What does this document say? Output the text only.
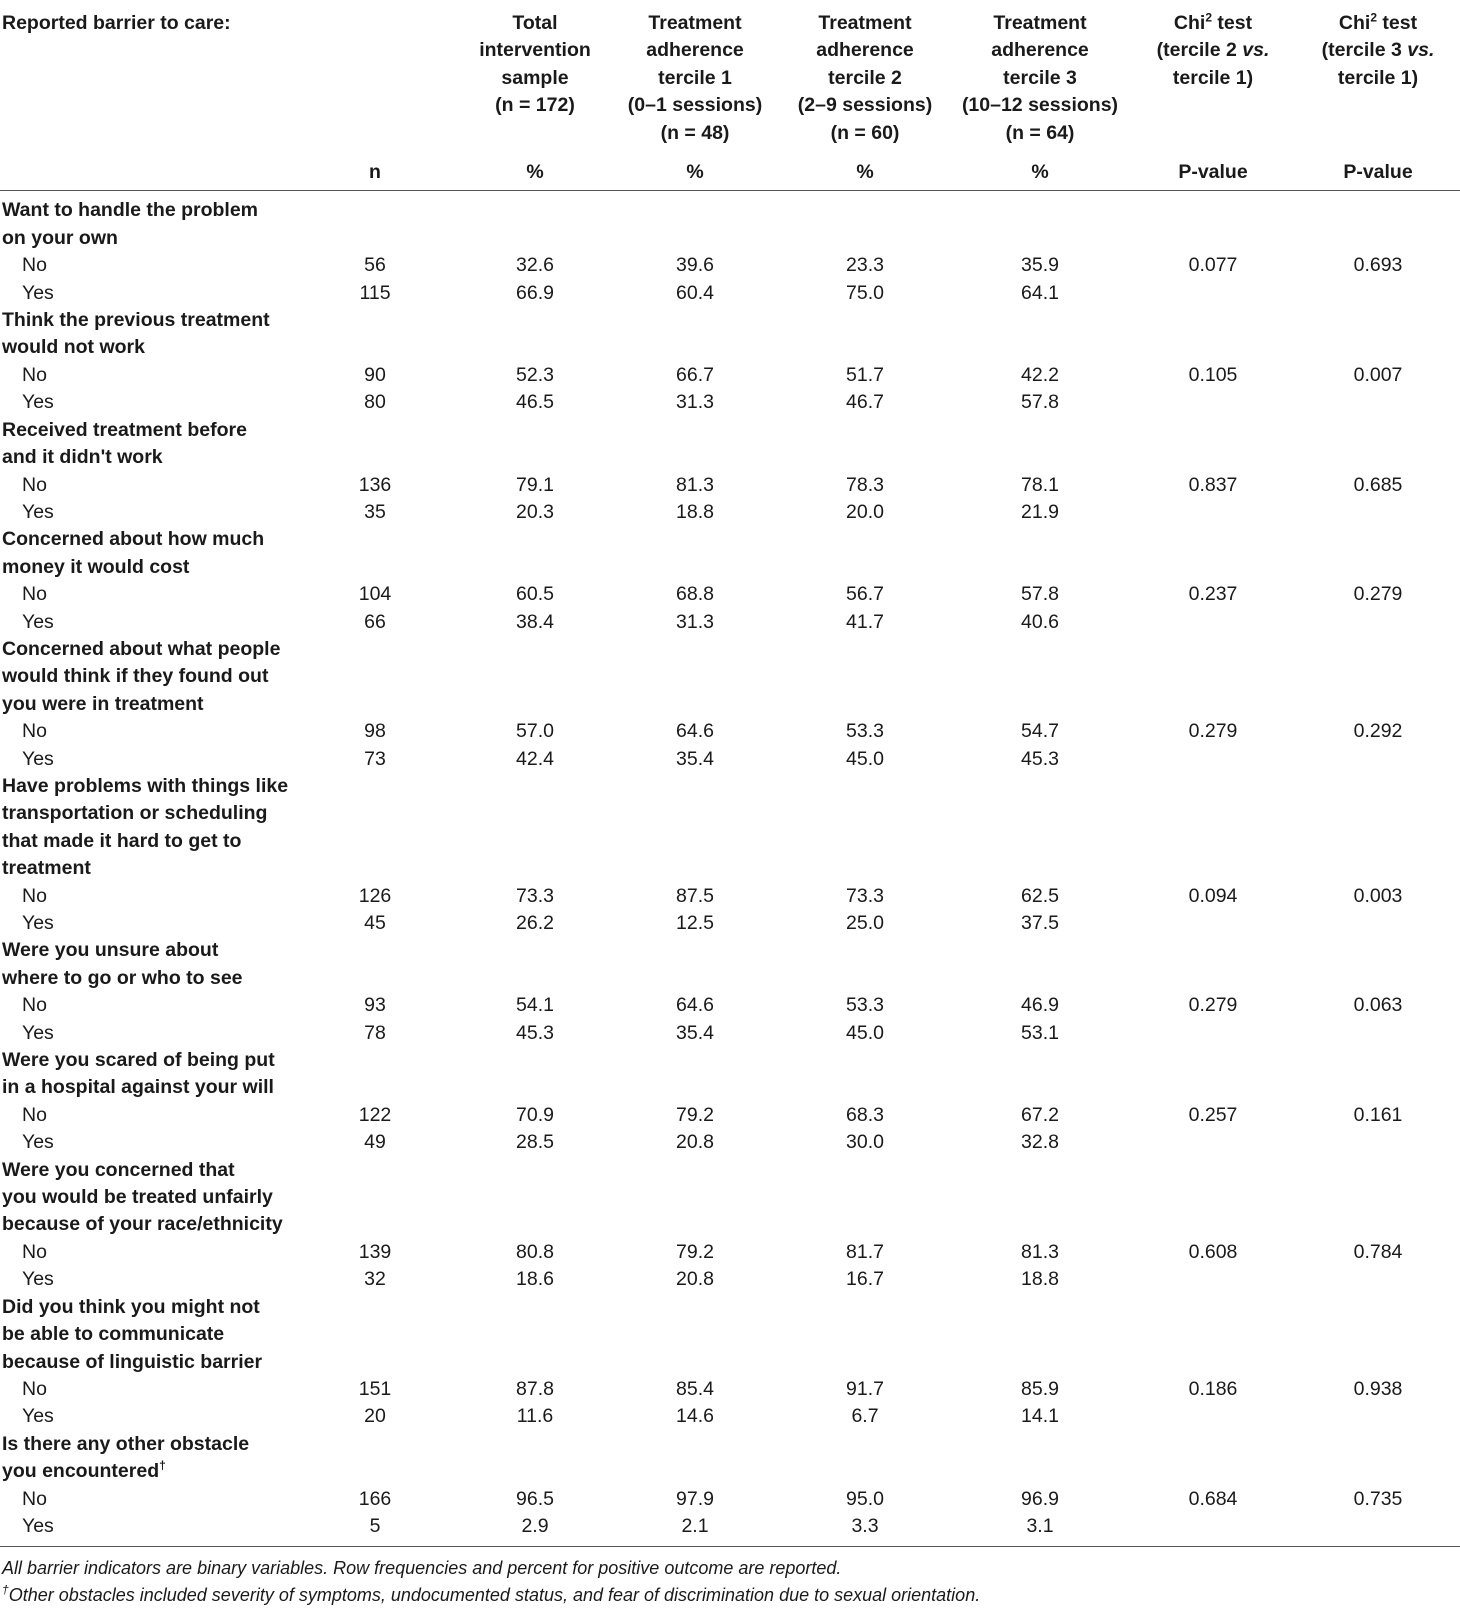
Reported barrier to care:		Total
intervention
sample
(n = 172)	Treatment
adherence
tercile 1
(0–1 sessions)
(n = 48)	Treatment
adherence
tercile 2
(2–9 sessions)
(n = 60)	Treatment
adherence
tercile 3
(10–12 sessions)
(n = 64)	Chi$^2$ test
(tercile 2 vs.
tercile 1)	Chi$^2$ test
(tercile 3 vs.
tercile 1)
	n	%	%	%	%	P-value	P-value
Want to handle the problem
on your own							
No	56	32.6	39.6	23.3	35.9	0.077	0.693
Yes	115	66.9	60.4	75.0	64.1		
Think the previous treatment
would not work							
No	90	52.3	66.7	51.7	42.2	0.105	0.007
Yes	80	46.5	31.3	46.7	57.8		
Received treatment before
and it didn't work							
No	136	79.1	81.3	78.3	78.1	0.837	0.685
Yes	35	20.3	18.8	20.0	21.9		
Concerned about how much
money it would cost							
No	104	60.5	68.8	56.7	57.8	0.237	0.279
Yes	66	38.4	31.3	41.7	40.6		
Concerned about what people
would think if they found out
you were in treatment							
No	98	57.0	64.6	53.3	54.7	0.279	0.292
Yes	73	42.4	35.4	45.0	45.3		
Have problems with things like
transportation or scheduling
that made it hard to get to
treatment							
No	126	73.3	87.5	73.3	62.5	0.094	0.003
Yes	45	26.2	12.5	25.0	37.5		
Were you unsure about
where to go or who to see							
No	93	54.1	64.6	53.3	46.9	0.279	0.063
Yes	78	45.3	35.4	45.0	53.1		
Were you scared of being put
in a hospital against your will							
No	122	70.9	79.2	68.3	67.2	0.257	0.161
Yes	49	28.5	20.8	30.0	32.8		
Were you concerned that
you would be treated unfairly
because of your race/ethnicity							
No	139	80.8	79.2	81.7	81.3	0.608	0.784
Yes	32	18.6	20.8	16.7	18.8		
Did you think you might not
be able to communicate
because of linguistic barrier							
No	151	87.8	85.4	91.7	85.9	0.186	0.938
Yes	20	11.6	14.6	6.7	14.1		
Is there any other obstacle
you encountered†
No	166	96.5	97.9	95.0	96.9	0.684	0.735
Yes	5	2.9	2.1	3.3	3.1		

All barrier indicators are binary variables. Row frequencies and percent for positive outcome are reported.

†Other obstacles included severity of symptoms, undocumented status, and fear of discrimination due to sexual orientation.
